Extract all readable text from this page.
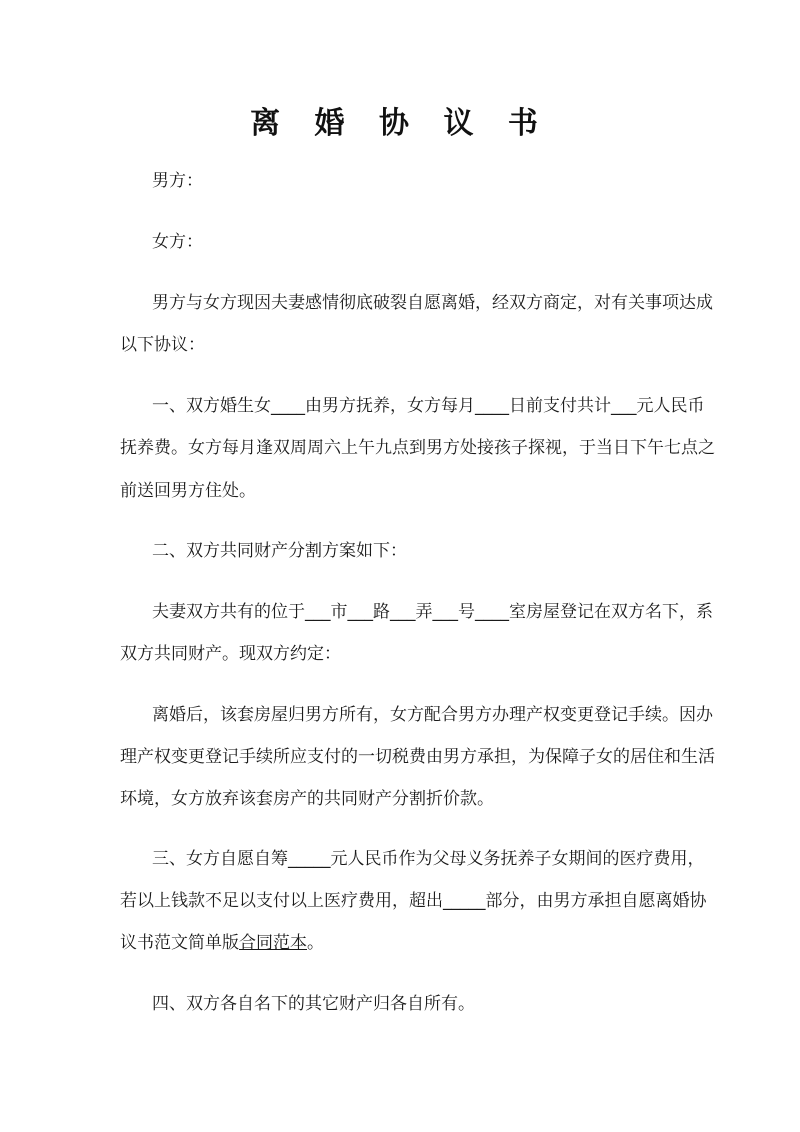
离 婚 协 议 书
男方：
女方：
男方与女方现因夫妻感情彻底破裂自愿离婚，经双方商定，对有关事项达成
以下协议：
一、双方婚生女____由男方抚养，女方每月____日前支付共计___元人民币
抚养费。女方每月逢双周周六上午九点到男方处接孩子探视，于当日下午七点之
前送回男方住处。
二、双方共同财产分割方案如下：
夫妻双方共有的位于___市___路___弄___号____室房屋登记在双方名下，系
双方共同财产。现双方约定：
离婚后，该套房屋归男方所有，女方配合男方办理产权变更登记手续。因办
理产权变更登记手续所应支付的一切税费由男方承担，为保障子女的居住和生活
环境，女方放弃该套房产的共同财产分割折价款。
三、女方自愿自筹_____元人民币作为父母义务抚养子女期间的医疗费用，
若以上钱款不足以支付以上医疗费用，超出_____部分，由男方承担自愿离婚协
议书范文简单版合同范本。
四、双方各自名下的其它财产归各自所有。
